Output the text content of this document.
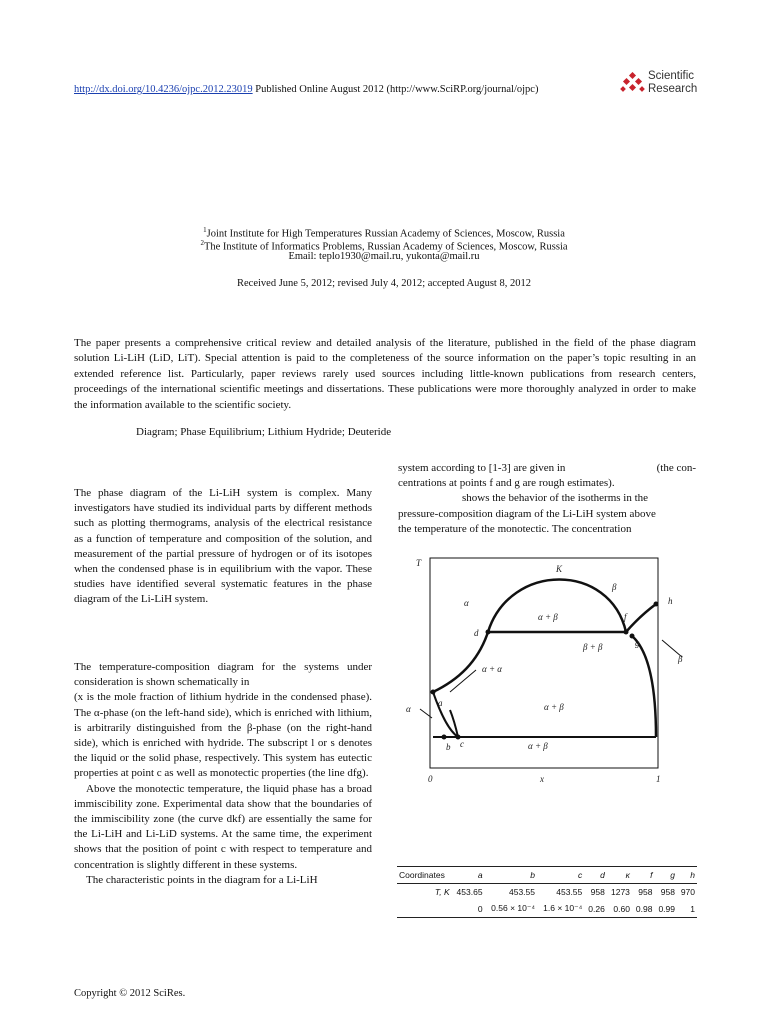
http://dx.doi.org/10.4236/ojpc.2012.23019 Published Online August 2012 (http://www.SciRP.org/journal/ojpc)
Scientific
Research
$^1$Joint Institute for High Temperatures Russian Academy of Sciences, Moscow, Russia
$^2$The Institute of Informatics Problems, Russian Academy of Sciences, Moscow, Russia
Email: teplo1930@mail.ru, yukonta@mail.ru
Received June 5, 2012; revised July 4, 2012; accepted August 8, 2012
The paper presents a comprehensive critical review and detailed analysis of the literature, published in the field of the phase diagram solution Li-LiH (LiD, LiT). Special attention is paid to the completeness of the source information on the paper’s topic resulting in an extended reference list. Particularly, paper reviews rarely used sources including little-known publications from research centers, proceedings of the international scientific meetings and dissertations. These publications were more thoroughly analyzed in order to make the information available to the scientific society.
Diagram; Phase Equilibrium; Lithium Hydride; Deuteride

The phase diagram of the Li-LiH system is complex. Many investigators have studied its individual parts by different methods such as plotting thermograms, analysis of the electrical resistance as a function of temperature and composition of the solution, and measurement of the partial pressure of hydrogen or of its isotopes when the condensed phase is in equilibrium with the vapor. These studies have identified several systematic features in the phase diagram of the Li-LiH system.

The temperature-composition diagram for the systems under consideration is shown schematically in

(x is the mole fraction of lithium hydride in the condensed phase). The α-phase (on the left-hand side), which is enriched with lithium, is arbitrarily distinguished from the β-phase (on the right-hand side), which is enriched with hydride. The subscript l or s denotes the liquid or the solid phase, respectively. This system has eutectic properties at point c as well as monotectic properties (the line dfg).

Above the monotectic temperature, the liquid phase has a broad immiscibility zone. Experimental data show that the boundaries of the immiscibility zone (the curve dkf) are essentially the same for the Li-LiH and Li-LiD systems. At the same time, the experiment shows that the position of point c with respect to temperature and concentration is slightly different in these systems.

The characteristic points in the diagram for a Li-LiH

system according to [1-3] are given in	(the con-

centrations at points f and g are rough estimates).

shows the behavior of the isotherms in the

pressure-composition diagram of the Li-LiH system above

the temperature of the monotectic. The concentration

T
K
β
α
d
α + β	f
h
g
β + β
β
α
a
α + α
α + β
b c	α + β
0	x	1
Coordinates	a	b	c	d	κ	f	g	h
T, K	453.65	453.55	453.55	958	1273	958	958	970
	0	0.56 × 10⁻⁴	1.6 × 10⁻⁴	0.26	0.60	0.98	0.99	1
Copyright © 2012 SciRes.
